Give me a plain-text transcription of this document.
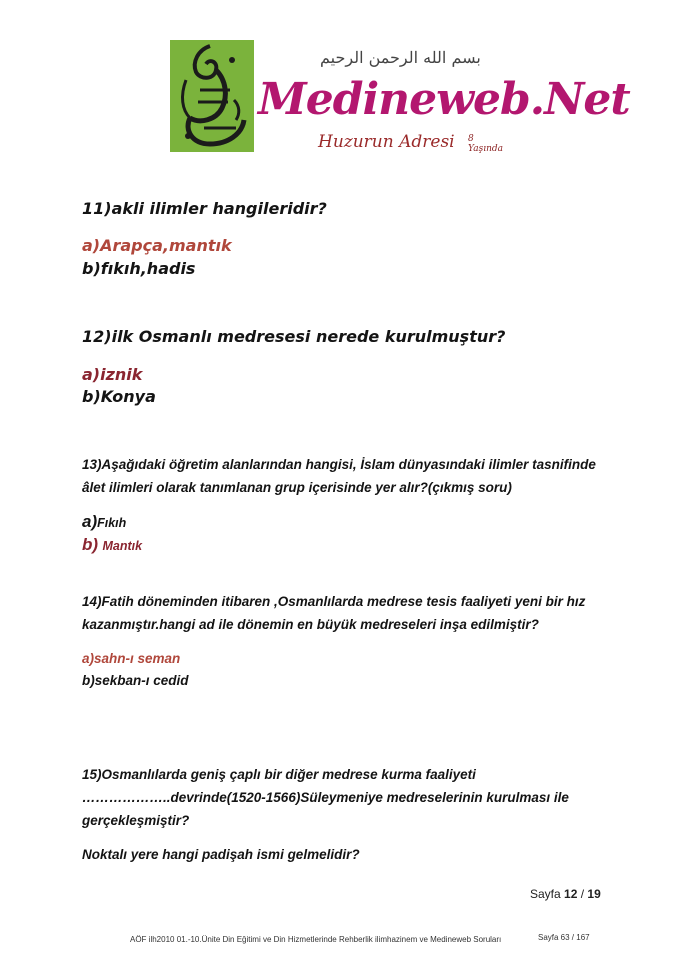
بسم الله الرحمن الرحيم
Medineweb.Net
Huzurun Adresi 8 Yaşında
11)akli ilimler hangileridir?
a)Arapça,mantık
b)fıkıh,hadis
12)ilk Osmanlı medresesi nerede kurulmuştur?
a)iznik
b)Konya
13)Aşağıdaki öğretim alanlarından hangisi, İslam dünyasındaki ilimler tasnifinde
âlet ilimleri olarak tanımlanan grup içerisinde yer alır?(çıkmış soru)
a)Fıkıh
b) Mantık
14)Fatih döneminden itibaren ,Osmanlılarda medrese tesis faaliyeti yeni bir hız
kazanmıştır.hangi ad ile dönemin en büyük medreseleri inşa edilmiştir?
a)sahn-ı seman
b)sekban-ı cedid
15)Osmanlılarda geniş çaplı bir diğer medrese kurma faaliyeti
………………..devrinde(1520-1566)Süleymeniye medreselerinin kurulması ile
gerçekleşmiştir?
Noktalı yere hangi padişah ismi gelmelidir?
Sayfa 12 / 19
AÖF ilh2010 01.-10.Ünite Din Eğitimi ve Din Hizmetlerinde Rehberlik ilimhazinem ve Medineweb Soruları	Sayfa 63 / 167
